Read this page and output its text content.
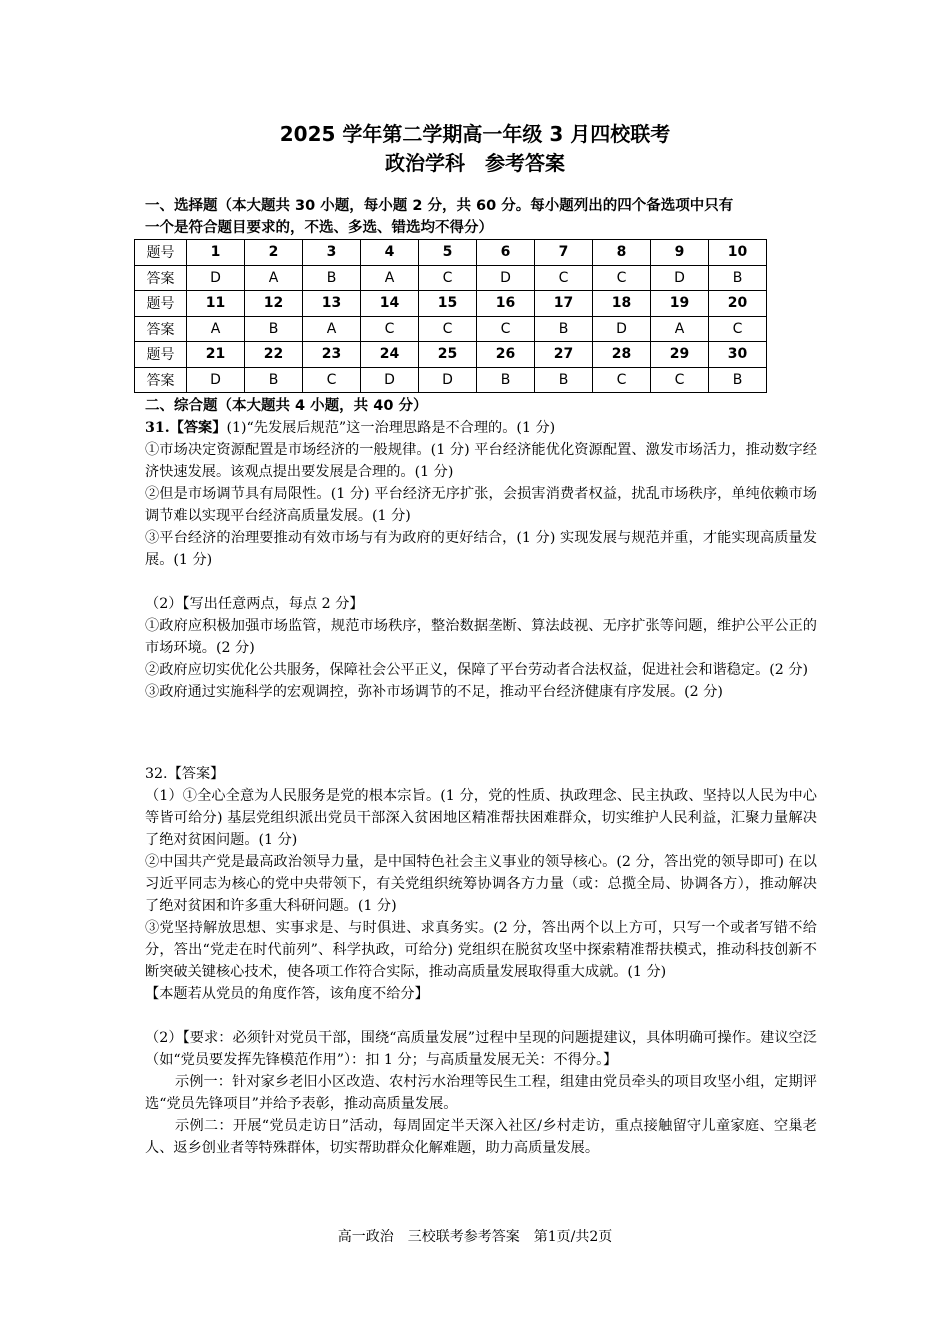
2025 学年第二学期高一年级 3 月四校联考
政治学科　参考答案
一、选择题（本大题共 30 小题，每小题 2 分，共 60 分。每小题列出的四个备选项中只有
一个是符合题目要求的，不选、多选、错选均不得分）
题号	1	2	3	4	5	6	7	8	9	10
答案	D	A	B	A	C	D	C	C	D	B
题号	11	12	13	14	15	16	17	18	19	20
答案	A	B	A	C	C	C	B	D	A	C
题号	21	22	23	24	25	26	27	28	29	30
答案	D	B	C	D	D	B	B	C	C	B
二、综合题（本大题共 4 小题，共 40 分）

31.【答案】(1)“先发展后规范”这一治理思路是不合理的。(1 分)

①市场决定资源配置是市场经济的一般规律。(1 分) 平台经济能优化资源配置、激发市场活力，推动数字经济快速发展。该观点提出要发展是合理的。(1 分)

②但是市场调节具有局限性。(1 分) 平台经济无序扩张，会损害消费者权益，扰乱市场秩序，单纯依赖市场调节难以实现平台经济高质量发展。(1 分)

③平台经济的治理要推动有效市场与有为政府的更好结合，(1 分) 实现发展与规范并重，才能实现高质量发展。(1 分)

（2）【写出任意两点，每点 2 分】

①政府应积极加强市场监管，规范市场秩序，整治数据垄断、算法歧视、无序扩张等问题，维护公平公正的市场环境。(2 分)

②政府应切实优化公共服务，保障社会公平正义，保障了平台劳动者合法权益，促进社会和谐稳定。(2 分)

③政府通过实施科学的宏观调控，弥补市场调节的不足，推动平台经济健康有序发展。(2 分)

32.【答案】

（1）①全心全意为人民服务是党的根本宗旨。(1 分，党的性质、执政理念、民主执政、坚持以人民为中心等皆可给分) 基层党组织派出党员干部深入贫困地区精准帮扶困难群众，切实维护人民利益，汇聚力量解决了绝对贫困问题。(1 分)

②中国共产党是最高政治领导力量，是中国特色社会主义事业的领导核心。(2 分，答出党的领导即可) 在以习近平同志为核心的党中央带领下，有关党组织统筹协调各方力量（或：总揽全局、协调各方），推动解决了绝对贫困和许多重大科研问题。(1 分)

③党坚持解放思想、实事求是、与时俱进、求真务实。(2 分，答出两个以上方可，只写一个或者写错不给分，答出“党走在时代前列”、科学执政，可给分) 党组织在脱贫攻坚中探索精准帮扶模式，推动科技创新不断突破关键核心技术，使各项工作符合实际，推动高质量发展取得重大成就。(1 分)

【本题若从党员的角度作答，该角度不给分】

（2）【要求：必须针对党员干部，围绕“高质量发展”过程中呈现的问题提建议，具体明确可操作。建议空泛（如“党员要发挥先锋模范作用”）：扣 1 分；与高质量发展无关：不得分。】

示例一：针对家乡老旧小区改造、农村污水治理等民生工程，组建由党员牵头的项目攻坚小组，定期评选“党员先锋项目”并给予表彰，推动高质量发展。

示例二：开展“党员走访日”活动，每周固定半天深入社区/乡村走访，重点接触留守儿童家庭、空巢老人、返乡创业者等特殊群体，切实帮助群众化解难题，助力高质量发展。

高一政治　三校联考参考答案　第1页/共2页
